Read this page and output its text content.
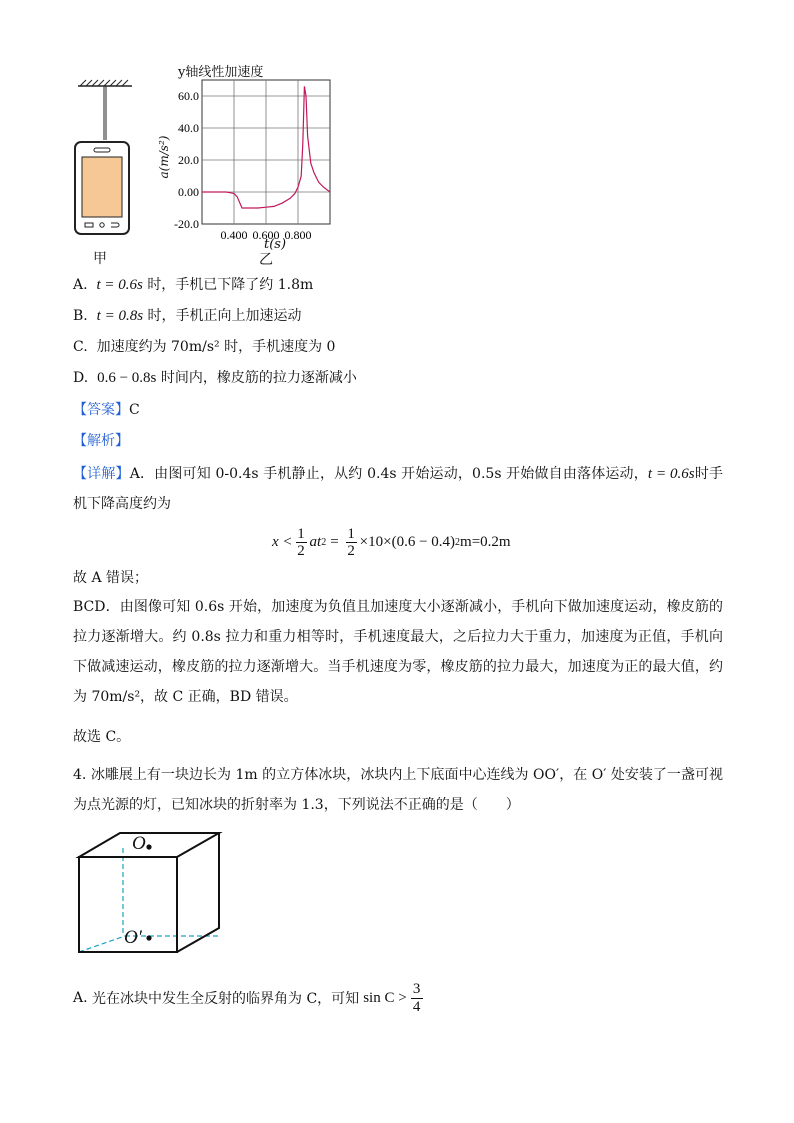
甲
y轴线性加速度
a(m/s²)
60.0
40.0
20.0
0.00
-20.0
0.400 0.600 0.800
t(s)
乙
A. t = 0.6s 时，手机已下降了约 1.8m
B. t = 0.8s 时，手机正向上加速运动
C. 加速度约为 70m/s² 时，手机速度为 0
D. 0.6 − 0.8s 时间内，橡皮筋的拉力逐渐减小
【答案】C
【解析】
【详解】A．由图可知 0-0.4s 手机静止，从约 0.4s 开始运动，0.5s 开始做自由落体运动，t = 0.6s时手机下降高度约为
x < 1
2
at $2 = \frac{1}{2} \times 10\times(0.6 - 0.4)$ 2 m=0.2m
故 A 错误；
BCD．由图像可知 0.6s 开始，加速度为负值且加速度大小逐渐减小，手机向下做加速度运动，橡皮筋的拉力逐渐增大。约 0.8s 拉力和重力相等时，手机速度最大，之后拉力大于重力，加速度为正值，手机向下做减速运动，橡皮筋的拉力逐渐增大。当手机速度为零，橡皮筋的拉力最大，加速度为正的最大值，约为 70m/s²，故 C 正确，BD 错误。
故选 C。
4. 冰雕展上有一块边长为 1m 的立方体冰块，冰块内上下底面中心连线为 OO′，在 O′ 处安装了一盏可视为点光源的灯，已知冰块的折射率为 1.3，下列说法不正确的是（　　）
O
O′
A.
光在冰块中发生全反射的临界角为 C，可知 sin C >
3
4
